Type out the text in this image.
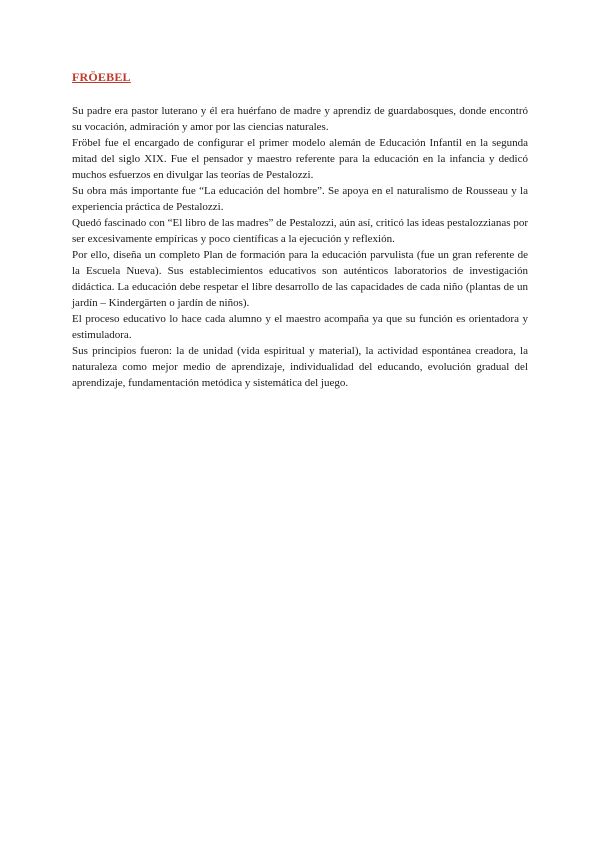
FRÖEBEL

Su padre era pastor luterano y él era huérfano de madre y aprendiz de guardabosques, donde encontró su vocación, admiración y amor por las ciencias naturales.

Fröbel fue el encargado de configurar el primer modelo alemán de Educación Infantil en la segunda mitad del siglo XIX. Fue el pensador y maestro referente para la educación en la infancia y dedicó muchos esfuerzos en divulgar las teorías de Pestalozzi.

Su obra más importante fue “La educación del hombre”. Se apoya en el naturalismo de Rousseau y la experiencia práctica de Pestalozzi.

Quedó fascinado con “El libro de las madres” de Pestalozzi, aún así, criticó las ideas pestalozzianas por ser excesivamente empíricas y poco científicas a la ejecución y reflexión.

Por ello, diseña un completo Plan de formación para la educación parvulista (fue un gran referente de la Escuela Nueva). Sus establecimientos educativos son auténticos laboratorios de investigación didáctica. La educación debe respetar el libre desarrollo de las capacidades de cada niño (plantas de un jardín – Kindergärten o jardín de niños).

El proceso educativo lo hace cada alumno y el maestro acompaña ya que su función es orientadora y estimuladora.

Sus principios fueron: la de unidad (vida espiritual y material), la actividad espontánea creadora, la naturaleza como mejor medio de aprendizaje, individualidad del educando, evolución gradual del aprendizaje, fundamentación metódica y sistemática del juego.
